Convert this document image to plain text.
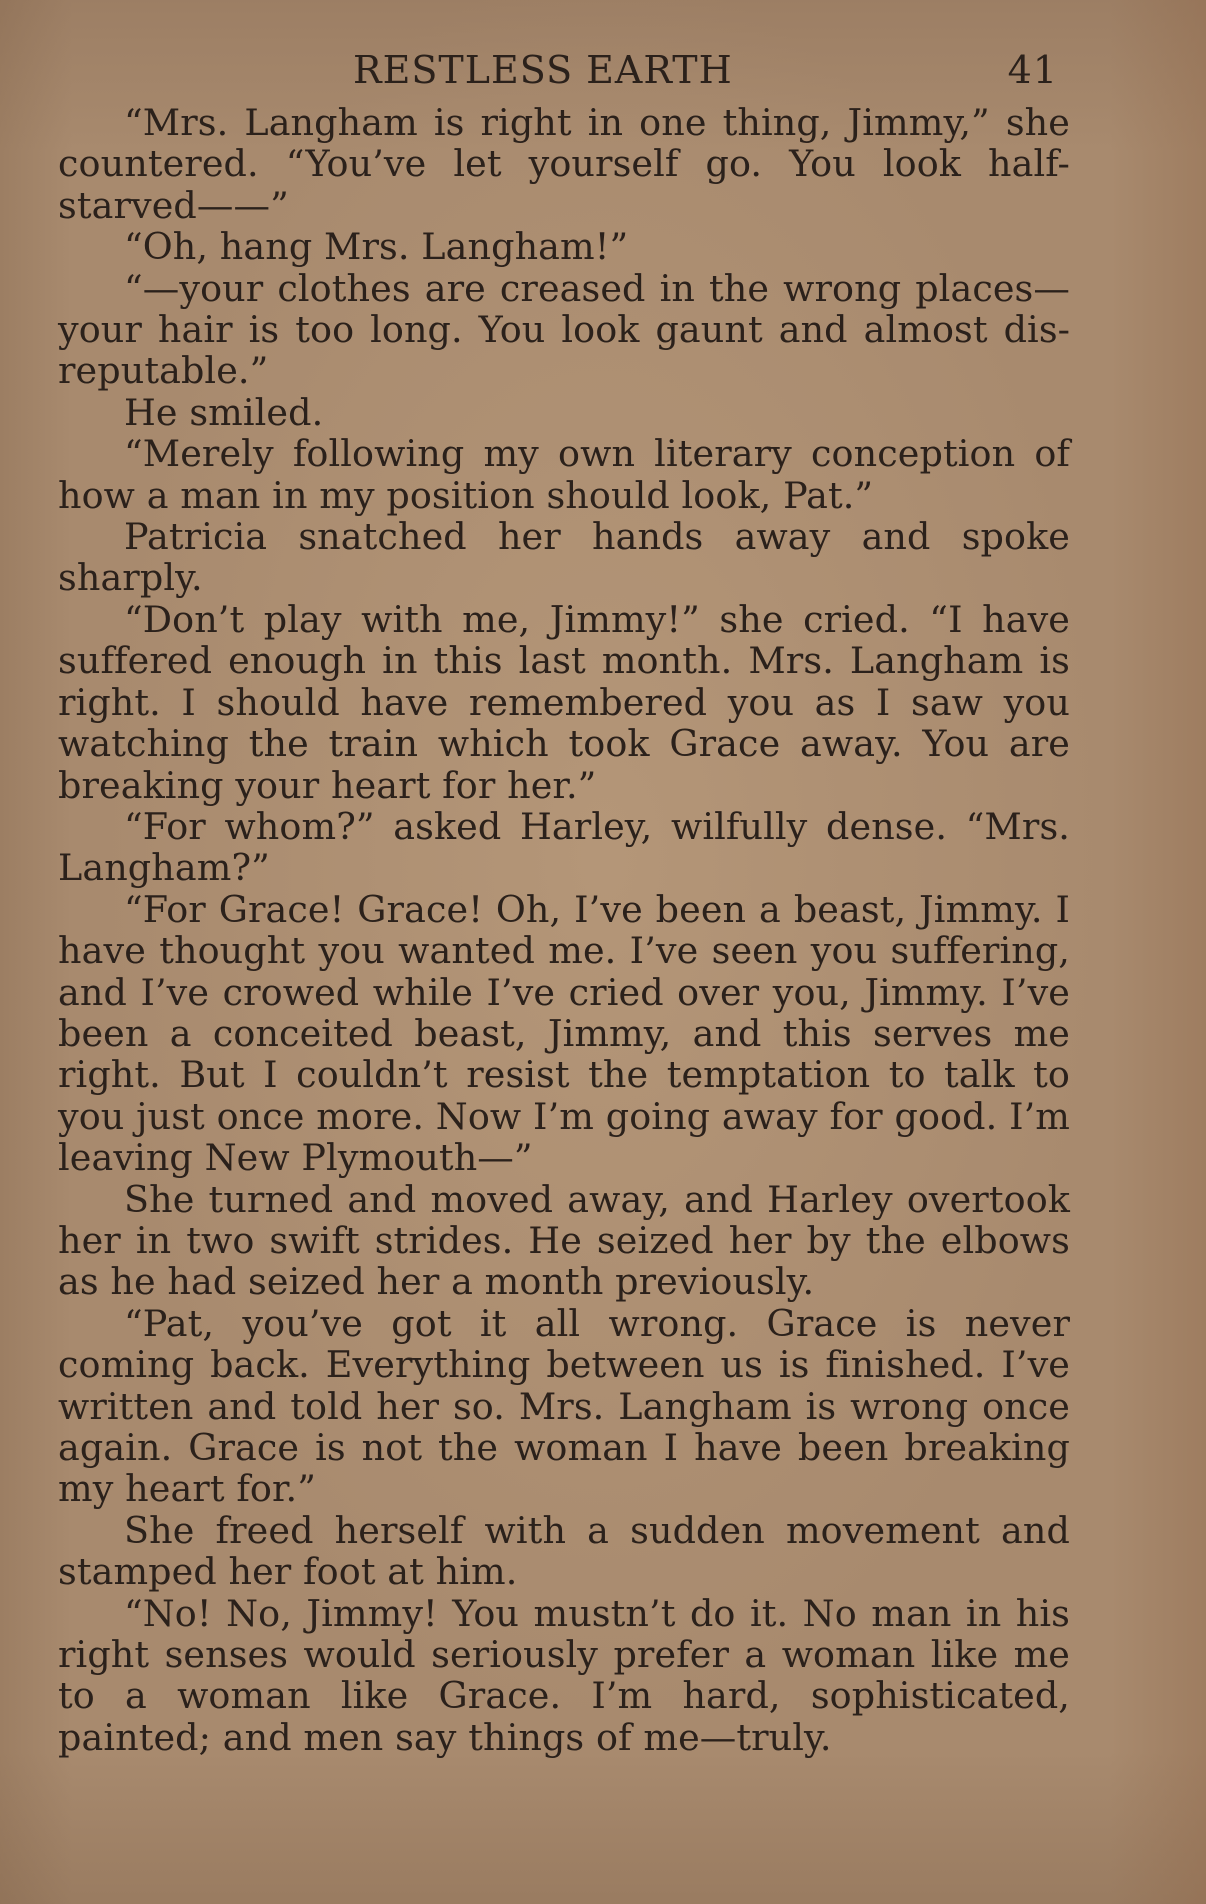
RESTLESS EARTH	41

“Mrs. Langham is right in one thing, Jimmy,” she countered. “You’ve let yourself go. You look half-starved——”

“Oh, hang Mrs. Langham!”

“—your clothes are creased in the wrong places—your hair is too long. You look gaunt and almost disreputable.”

He smiled.

“Merely following my own literary conception of how a man in my position should look, Pat.”

Patricia snatched her hands away and spoke sharply.

“Don’t play with me, Jimmy!” she cried. “I have suffered enough in this last month. Mrs. Langham is right. I should have remembered you as I saw you watching the train which took Grace away. You are breaking your heart for her.”

“For whom?” asked Harley, wilfully dense. “Mrs. Langham?”

“For Grace! Grace! Oh, I’ve been a beast, Jimmy. I have thought you wanted me. I’ve seen you suffering, and I’ve crowed while I’ve cried over you, Jimmy. I’ve been a conceited beast, Jimmy, and this serves me right. But I couldn’t resist the temptation to talk to you just once more. Now I’m going away for good. I’m leaving New Plymouth—”

She turned and moved away, and Harley overtook her in two swift strides. He seized her by the elbows as he had seized her a month previously.

“Pat, you’ve got it all wrong. Grace is never coming back. Everything between us is finished. I’ve written and told her so. Mrs. Langham is wrong once again. Grace is not the woman I have been breaking my heart for.”

She freed herself with a sudden movement and stamped her foot at him.

“No! No, Jimmy! You mustn’t do it. No man in his right senses would seriously prefer a woman like me to a woman like Grace. I’m hard, sophisticated, painted; and men say things of me—truly.
